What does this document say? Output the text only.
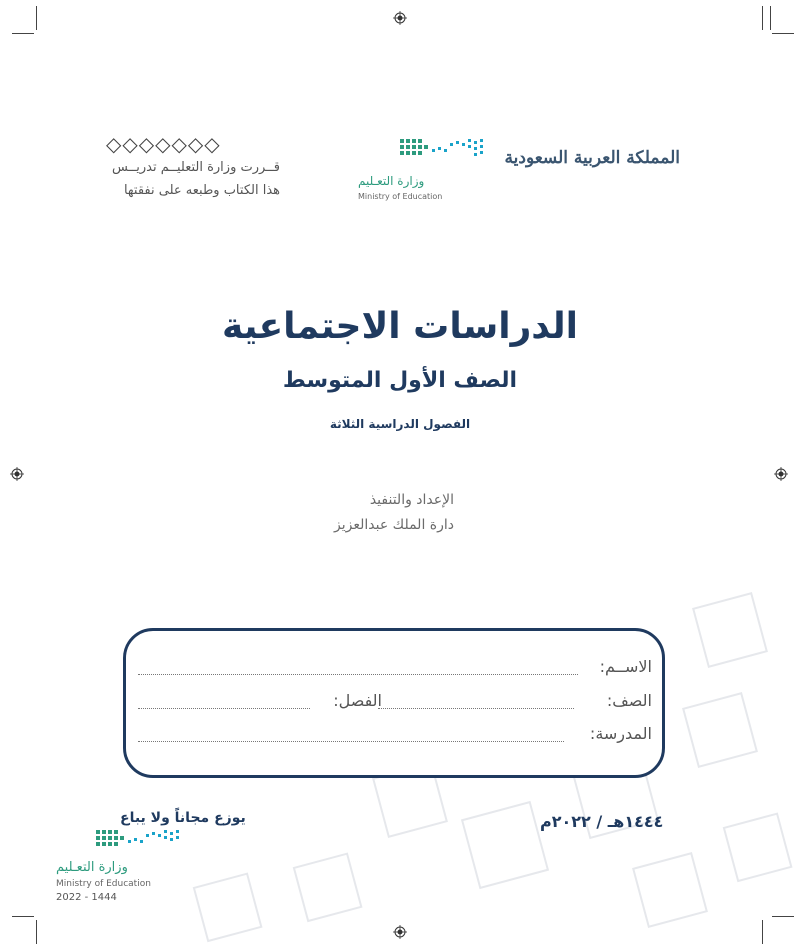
المملكة العربية السعودية
وزارة التعـليم
Ministry of Education
◇◇◇◇◇◇◇
قــررت وزارة التعليــم تدريــس
هذا الكتاب وطبعه على نفقتها
الدراسات الاجتماعية
الصف الأول المتوسط
الفصول الدراسية الثلاثة
الإعداد والتنفيذ
دارة الملك عبدالعزيز
الاســم:
الصف:
الفصل:
المدرسة:
يوزع مجاناً ولا يباع	١٤٤٤هـ / ٢٠٢٢م
وزارة التعـليم
Ministry of Education
2022 - 1444
